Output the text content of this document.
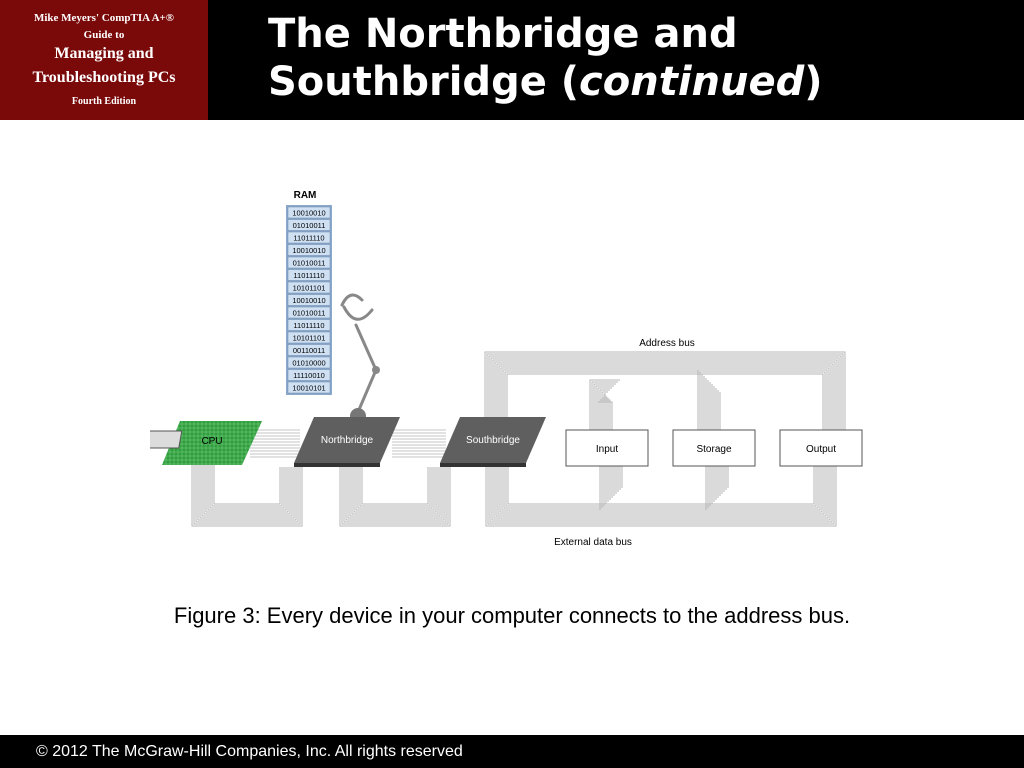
Mike Meyers' CompTIA A+®
Guide to
Managing and
Troubleshooting PCs
Fourth Edition
The Northbridge and Southbridge (continued)
RAM
10010010
01010011
11011110
10010010
01010011
11011110
10101101
10010010
01010011
11011110
10101101
00110011
01010000
11110010
10010101
CPU	Northbridge	Southbridge
Input	Storage	Output
Address bus
External data bus
Figure 3: Every device in your computer connects to the address bus.
© 2012 The McGraw-Hill Companies, Inc. All rights reserved
